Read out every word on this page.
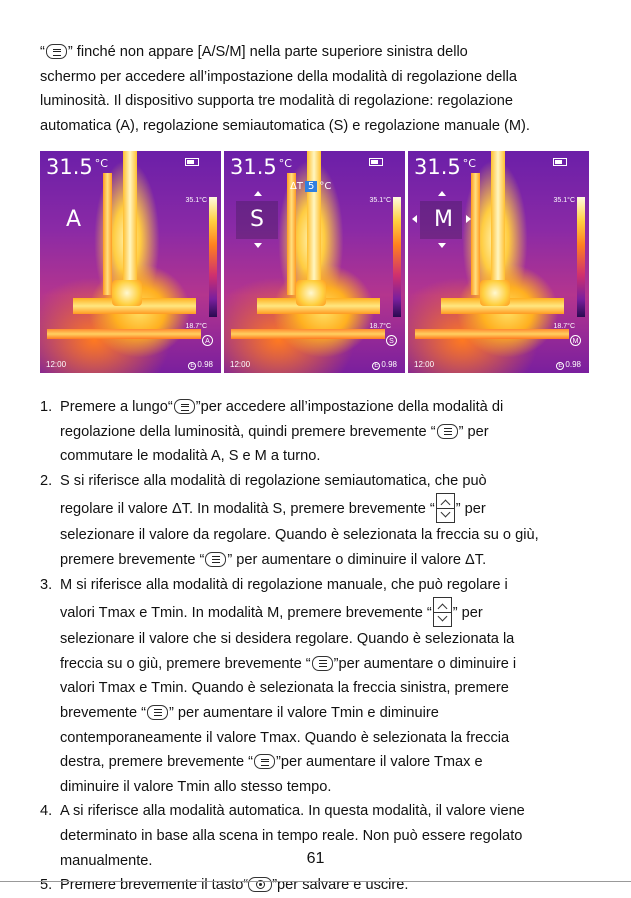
“ ” finché non appare [A/S/M] nella parte superiore sinistra dello
schermo per accedere all’impostazione della modalità di regolazione della
luminosità. Il dispositivo supporta tre modalità di regolazione: regolazione
automatica (A), regolazione semiautomatica (S) e regolazione manuale (M).

31.5 $^{^\circ C}$
35.1°C
18.7°C
A
A
12:00	E 0.98
31.5 $^{^\circ C}$
ΔT 5 °C
35.1°C
18.7°C
S
S
12:00	E 0.98
31.5 $^{^\circ C}$
35.1°C
18.7°C
M
M
12:00	E 0.98
1. Premere a lungo“ ”per accedere all’impostazione della modalità di
regolazione della luminosità, quindi premere brevemente “ ” per
commutare le modalità A, S e M a turno.
2. S si riferisce alla modalità di regolazione semiautomatica, che può
regolare il valore ΔT. In modalità S, premere brevemente “ ” per
selezionare il valore da regolare. Quando è selezionata la freccia su o giù,
premere brevemente “ ” per aumentare o diminuire il valore ΔT.
3. M si riferisce alla modalità di regolazione manuale, che può regolare i
valori Tmax e Tmin. In modalità M, premere brevemente “ ” per
selezionare il valore che si desidera regolare. Quando è selezionata la
freccia su o giù, premere brevemente “ ”per aumentare o diminuire i
valori Tmax e Tmin. Quando è selezionata la freccia sinistra, premere
brevemente “ ” per aumentare il valore Tmin e diminuire
contemporaneamente il valore Tmax. Quando è selezionata la freccia
destra, premere brevemente “ ”per aumentare il valore Tmax e
diminuire il valore Tmin allo stesso tempo.
4. A si riferisce alla modalità automatica. In questa modalità, il valore viene
determinato in base alla scena in tempo reale. Non può essere regolato
manualmente.
5. Premere brevemente il tasto“ ”per salvare e uscire.
61
